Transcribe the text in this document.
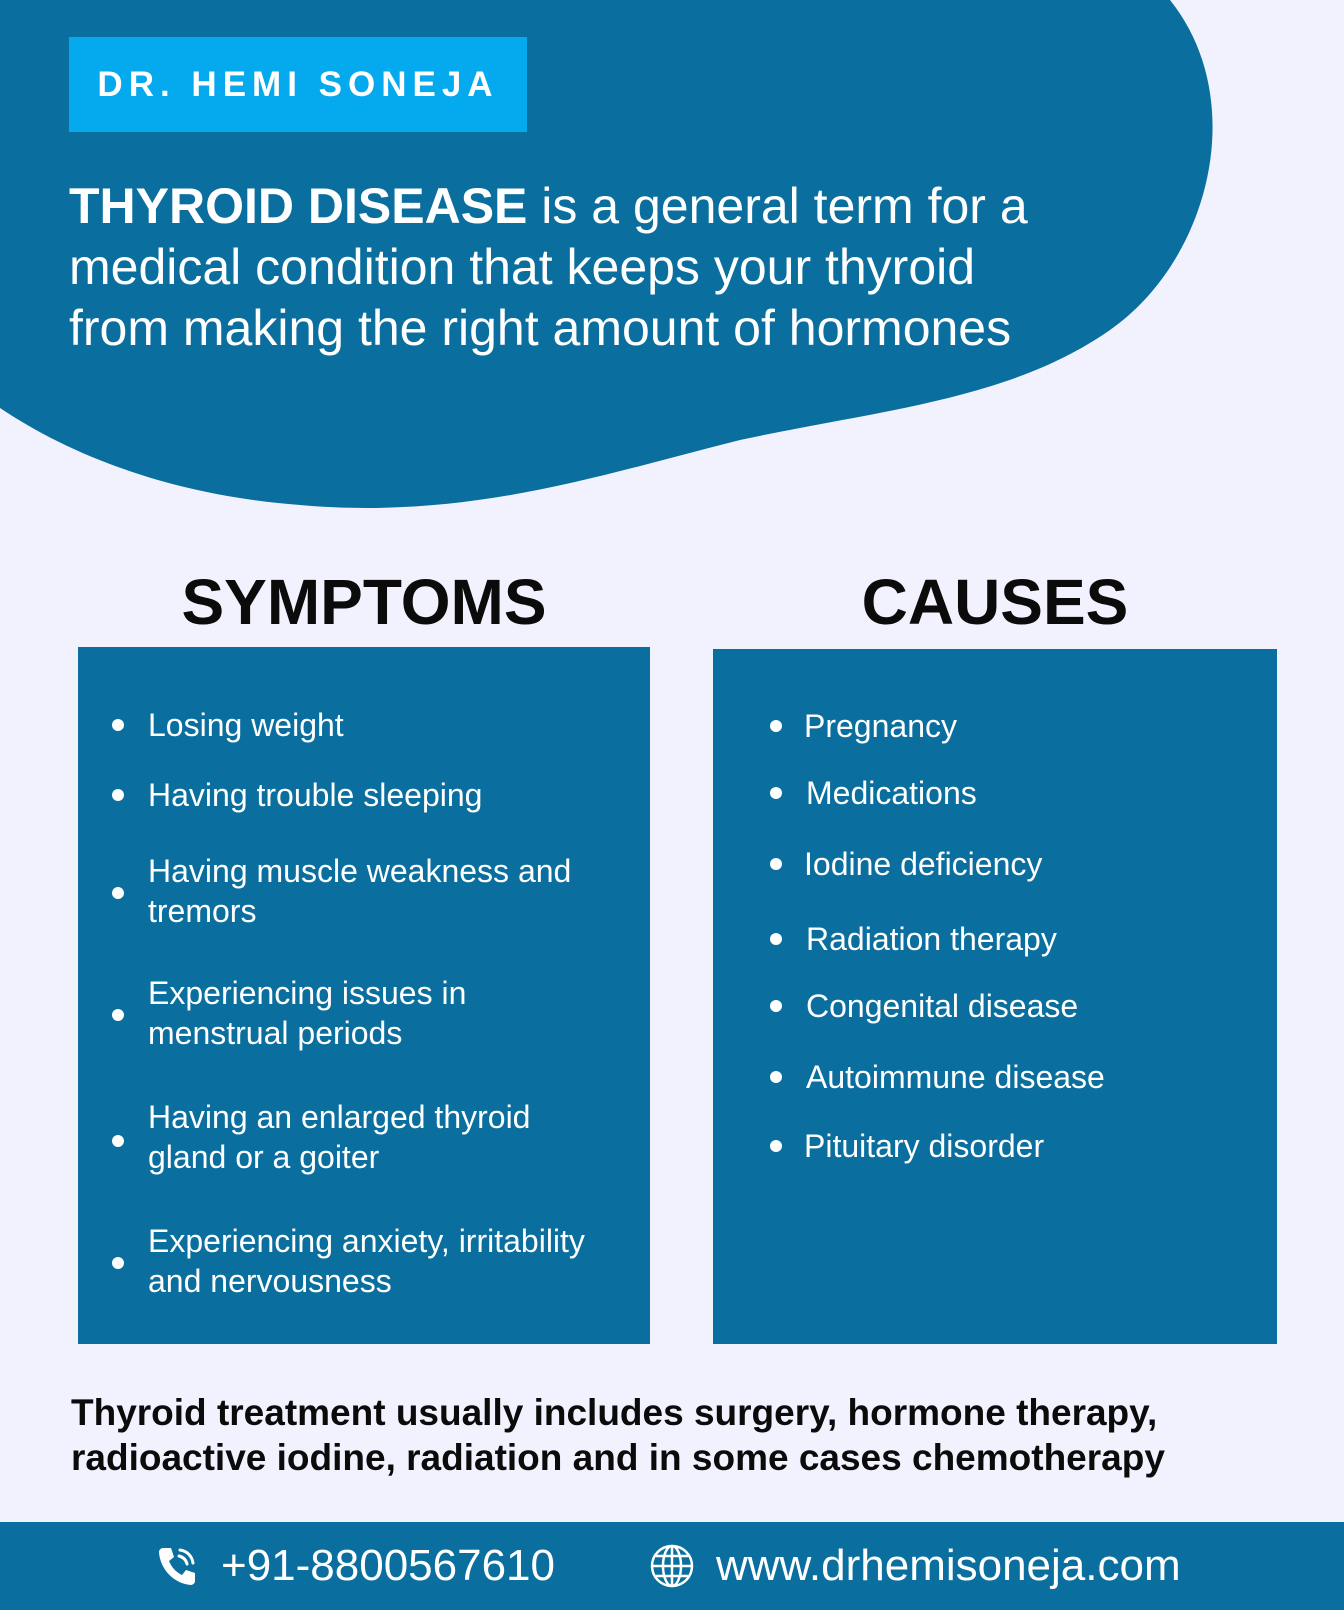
DR. HEMI SONEJA
THYROID DISEASE is a general term for a medical condition that keeps your thyroid from making the right amount of hormones
SYMPTOMS	CAUSES
Losing weight
Having trouble sleeping
Having muscle weakness and tremors
Experiencing issues in menstrual periods
Having an enlarged thyroid gland or a goiter
Experiencing anxiety, irritability and nervousness
Pregnancy
Medications
Iodine deficiency
Radiation therapy
Congenital disease
Autoimmune disease
Pituitary disorder
Thyroid treatment usually includes surgery, hormone therapy, radioactive iodine, radiation and in some cases chemotherapy
+91-8800567610	www.drhemisoneja.com
